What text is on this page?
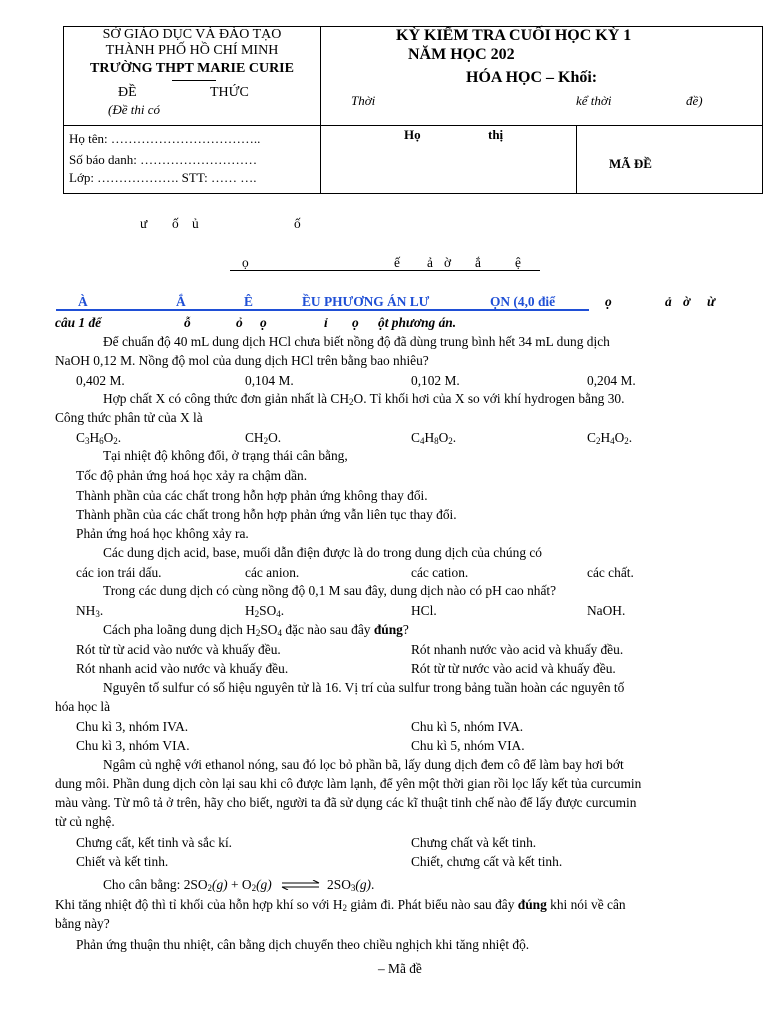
SỞ GIÁO DỤC VÀ ĐÀO TẠO
THÀNH PHỐ HỒ CHÍ MINH
TRƯỜNG THPT MARIE CURIE
ĐỀ	THỨC
(Đề thi có
KỲ KIỂM TRA CUỐI HỌC KỲ 1
NĂM HỌC 202
HÓA HỌC – Khối:
Thời	kể thời	đề)
Họ tên: ……………………………..
Số báo danh: ………………………
Lớp: ………………. STT: …… ….
Họ	thị
MÃ ĐỀ
ư ố ủ	ố
ọ	ế ả ờ ắ	ệ
À	Ắ	Ê	ỀU PHƯƠNG ÁN LƯ	ỌN (4,0 điể	ọ	ả ờ ừ
câu 1 để	ỗ	ỏ ọ	ỉ ọ ột phương án.
Để chuẩn độ 40 mL dung dịch HCl chưa biết nồng độ đã dùng trung bình hết 34 mL dung dịch
NaOH 0,12 M. Nồng độ mol của dung dịch HCl trên bằng bao nhiêu?
0,402 M.	0,104 M.	0,102 M.	0,204 M.
Hợp chất X có công thức đơn giản nhất là $CH_2O$. Tỉ khối hơi của X so với khí hydrogen bằng 30.
Công thức phân tử của X là
$C_3H_6O_2$.	$CH_2O$.	$C_4H_8O_2$.	$C_2H_4O_2$.
Tại nhiệt độ không đổi, ở trạng thái cân bằng,
Tốc độ phản ứng hoá học xảy ra chậm dần.
Thành phần của các chất trong hỗn hợp phản ứng không thay đổi.
Thành phần của các chất trong hỗn hợp phản ứng vẫn liên tục thay đổi.
Phản ứng hoá học không xảy ra.
Các dung dịch acid, base, muối dẫn điện được là do trong dung dịch của chúng có
các ion trái dấu.	các anion.	các cation.	các chất.
Trong các dung dịch có cùng nồng độ 0,1 M sau đây, dung dịch nào có pH cao nhất?
$NH_3$.	$H_2SO_4$.	HCl.	NaOH.
Cách pha loãng dung dịch $H_2SO_4$ đặc nào sau đây đúng?
Rót từ từ acid vào nước và khuấy đều.	Rót nhanh nước vào acid và khuấy đều.
Rót nhanh acid vào nước và khuấy đều.	Rót từ từ nước vào acid và khuấy đều.
Nguyên tố sulfur có số hiệu nguyên tử là 16. Vị trí của sulfur trong bảng tuần hoàn các nguyên tố
hóa học là
Chu kì 3, nhóm IVA.	Chu kì 5, nhóm IVA.
Chu kì 3, nhóm VIA.	Chu kì 5, nhóm VIA.
Ngâm củ nghệ với ethanol nóng, sau đó lọc bỏ phần bã, lấy dung dịch đem cô để làm bay hơi bớt
dung môi. Phần dung dịch còn lại sau khi cô được làm lạnh, để yên một thời gian rồi lọc lấy kết tủa curcumin
màu vàng. Từ mô tả ở trên, hãy cho biết, người ta đã sử dụng các kĩ thuật tinh chế nào để lấy được curcumin
từ củ nghệ.
Chưng cất, kết tinh và sắc kí.	Chưng chất và kết tinh.
Chiết và kết tinh.	Chiết, chưng cất và kết tinh.
Cho cân bằng: $2SO_2(g) + O_2(g)$ ⇌ $2SO_3(g)$.
Khi tăng nhiệt độ thì tỉ khối của hỗn hợp khí so với $H_2$ giảm đi. Phát biểu nào sau đây đúng khi nói về cân
bằng này?
Phản ứng thuận thu nhiệt, cân bằng dịch chuyển theo chiều nghịch khi tăng nhiệt độ.
– Mã đề
